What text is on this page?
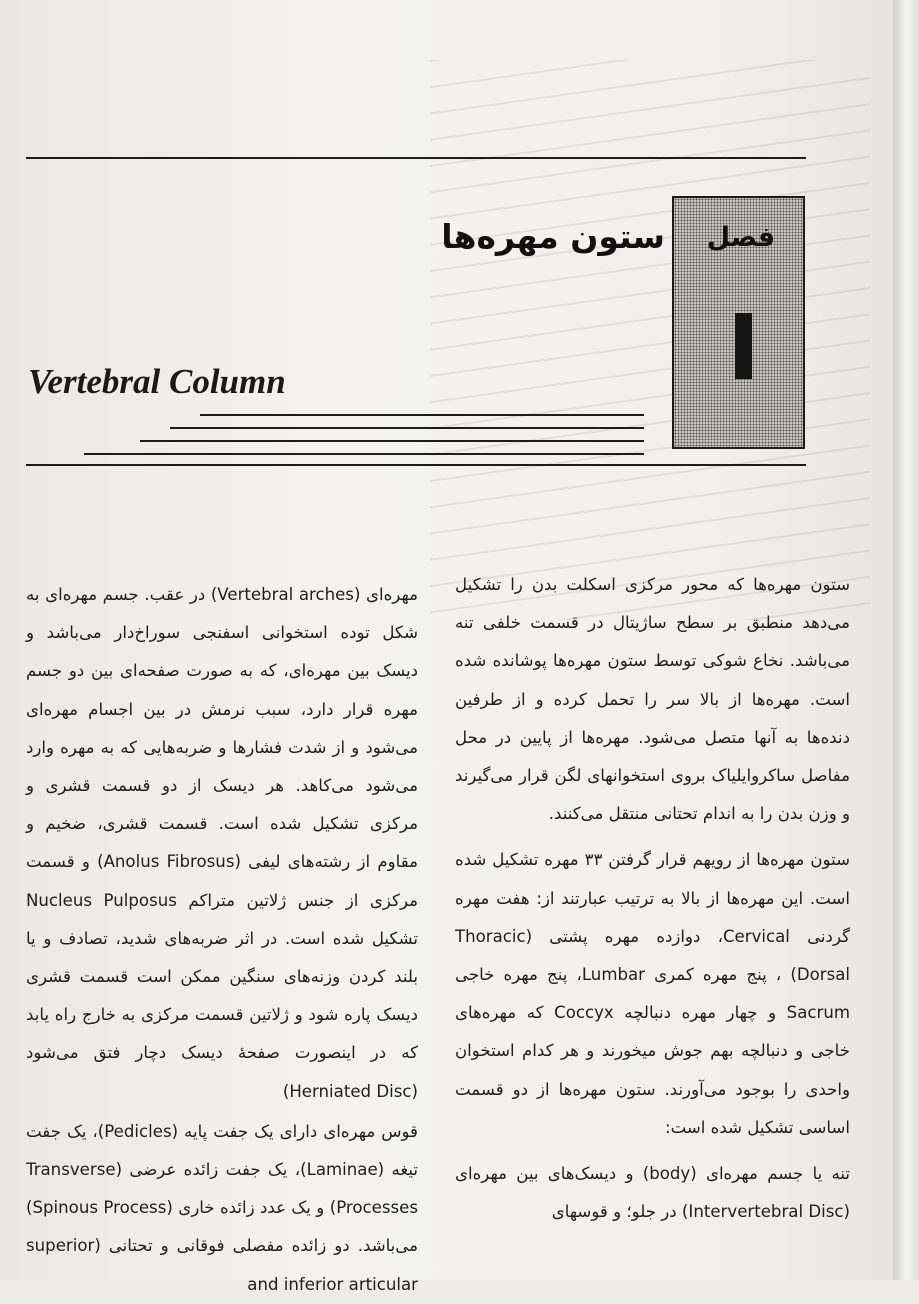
فصل
ستون مهره‌ها
Vertebral Column

ستون مهره‌ها که محور مرکزی اسکلت بدن را تشکیل می‌دهد منطبق بر سطح ساژیتال در قسمت خلفی تنه می‌باشد. نخاع شوکی توسط ستون مهره‌ها پوشانده شده است. مهره‌ها از بالا سر را تحمل کرده و از طرفین دنده‌ها به آنها متصل می‌شود. مهره‌ها از پایین در محل مفاصل ساکروایلیاک بروی استخوانهای لگن قرار می‌گیرند و وزن بدن را به اندام تحتانی منتقل می‌کنند.

ستون مهره‌ها از رویهم قرار گرفتن ۳۳ مهره تشکیل شده است. این مهره‌ها از بالا به ترتیب عبارتند از: هفت مهره گردنی Cervical، دوازده مهره پشتی (Thoracic (Dorsal ، پنج مهره کمری Lumbar، پنج مهره خاجی Sacrum و چهار مهره دنبالچه Coccyx که مهره‌های خاجی و دنبالچه بهم جوش میخورند و هر کدام استخوان واحدی را بوجود می‌آورند. ستون مهره‌ها از دو قسمت اساسی تشکیل شده است:

تنه یا جسم مهره‌ای (body) و دیسک‌های بین مهره‌ای (Intervertebral Disc) در جلو؛ و قوسهای

مهره‌ای (Vertebral arches) در عقب. جسم مهره‌ای به شکل توده استخوانی اسفنجی سوراخ‌دار می‌باشد و دیسک بین مهره‌ای، که به صورت صفحه‌ای بین دو جسم مهره قرار دارد، سبب نرمش در بین اجسام مهره‌ای می‌شود و از شدت فشارها و ضربه‌هایی که به مهره وارد می‌شود می‌کاهد. هر دیسک از دو قسمت قشری و مرکزی تشکیل شده است. قسمت قشری، ضخیم و مقاوم از رشته‌های لیفی (Anolus Fibrosus) و قسمت مرکزی از جنس ژلاتین متراکم Nucleus Pulposus تشکیل شده است. در اثر ضربه‌های شدید، تصادف و یا بلند کردن وزنه‌های سنگین ممکن است قسمت قشری دیسک پاره شود و ژلاتین قسمت مرکزی به خارج راه یابد که در اینصورت صفحهٔ دیسک دچار فتق می‌شود (Herniated Disc)

قوس مهره‌ای دارای یک جفت پایه (Pedicles)، یک جفت تیغه (Laminae)، یک جفت زائده عرضی (Transverse Processes) و یک عدد زائده خاری (Spinous Process) می‌باشد. دو زائده مفصلی فوقانی و تحتانی (superior and inferior articular
